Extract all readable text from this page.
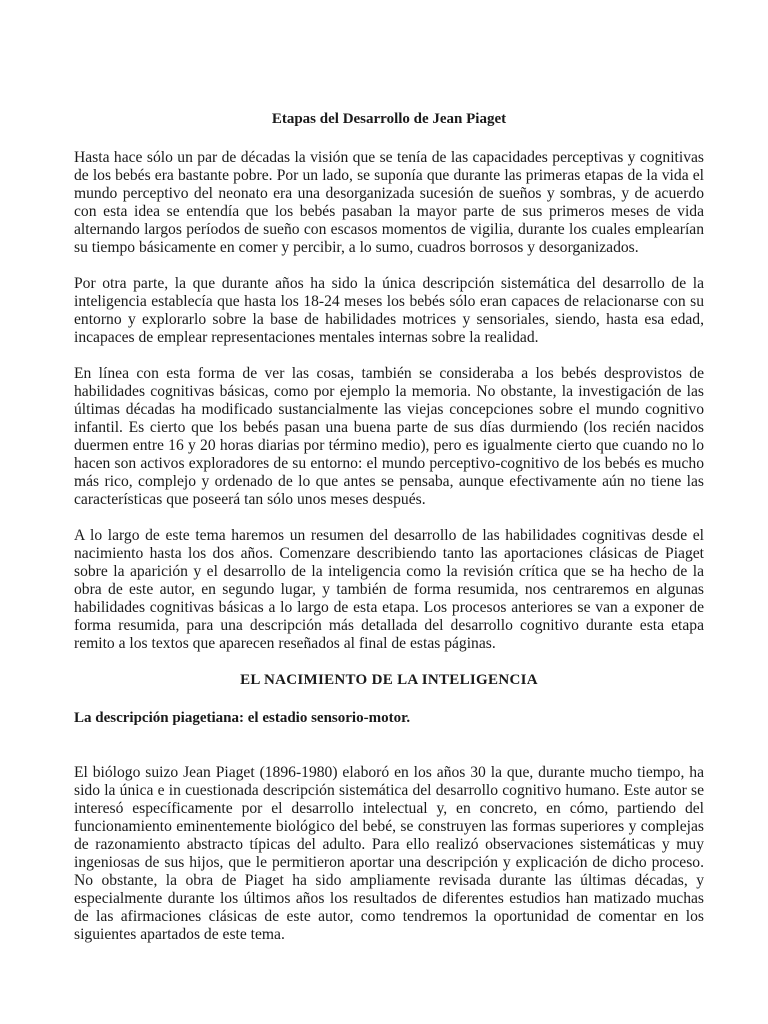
Etapas del Desarrollo de Jean Piaget

Hasta hace sólo un par de décadas la visión que se tenía de las capacidades perceptivas y cognitivas de los bebés era bastante pobre. Por un lado, se suponía que durante las primeras etapas de la vida el mundo perceptivo del neonato era una desorganizada sucesión de sueños y sombras, y de acuerdo con esta idea se entendía que los bebés pasaban la mayor parte de sus primeros meses de vida alternando largos períodos de sueño con escasos momentos de vigilia, durante los cuales emplearían su tiempo básicamente en comer y percibir, a lo sumo, cuadros borrosos y desorganizados.

Por otra parte, la que durante años ha sido la única descripción sistemática del desarrollo de la inteligencia establecía que hasta los 18-24 meses los bebés sólo eran capaces de relacionarse con su entorno y explorarlo sobre la base de habilidades motrices y sensoriales, siendo, hasta esa edad, incapaces de emplear representaciones mentales internas sobre la realidad.

En línea con esta forma de ver las cosas, también se consideraba a los bebés desprovistos de habilidades cognitivas básicas, como por ejemplo la memoria. No obstante, la investigación de las últimas décadas ha modificado sustancialmente las viejas concepciones sobre el mundo cognitivo infantil. Es cierto que los bebés pasan una buena parte de sus días durmiendo (los recién nacidos duermen entre 16 y 20 horas diarias por término medio), pero es igualmente cierto que cuando no lo hacen son activos exploradores de su entorno: el mundo perceptivo-cognitivo de los bebés es mucho más rico, complejo y ordenado de lo que antes se pensaba, aunque efectivamente aún no tiene las características que poseerá tan sólo unos meses después.

A lo largo de este tema haremos un resumen del desarrollo de las habilidades cognitivas desde el nacimiento hasta los dos años. Comenzare describiendo tanto las aportaciones clásicas de Piaget sobre la aparición y el desarrollo de la inteligencia como la revisión crítica que se ha hecho de la obra de este autor, en segundo lugar, y también de forma resumida, nos centraremos en algunas habilidades cognitivas básicas a lo largo de esta etapa. Los procesos anteriores se van a exponer de forma resumida, para una descripción más detallada del desarrollo cognitivo durante esta etapa remito a los textos que aparecen reseñados al final de estas páginas.

EL NACIMIENTO DE LA INTELIGENCIA
La descripción piagetiana: el estadio sensorio-motor.

El biólogo suizo Jean Piaget (1896-1980) elaboró en los años 30 la que, durante mucho tiempo, ha sido la única e in cuestionada descripción sistemática del desarrollo cognitivo humano. Este autor se interesó específicamente por el desarrollo intelectual y, en concreto, en cómo, partiendo del funcionamiento eminentemente biológico del bebé, se construyen las formas superiores y complejas de razonamiento abstracto típicas del adulto. Para ello realizó observaciones sistemáticas y muy ingeniosas de sus hijos, que le permitieron aportar una descripción y explicación de dicho proceso. No obstante, la obra de Piaget ha sido ampliamente revisada durante las últimas décadas, y especialmente durante los últimos años los resultados de diferentes estudios han matizado muchas de las afirmaciones clásicas de este autor, como tendremos la oportunidad de comentar en los siguientes apartados de este tema.
